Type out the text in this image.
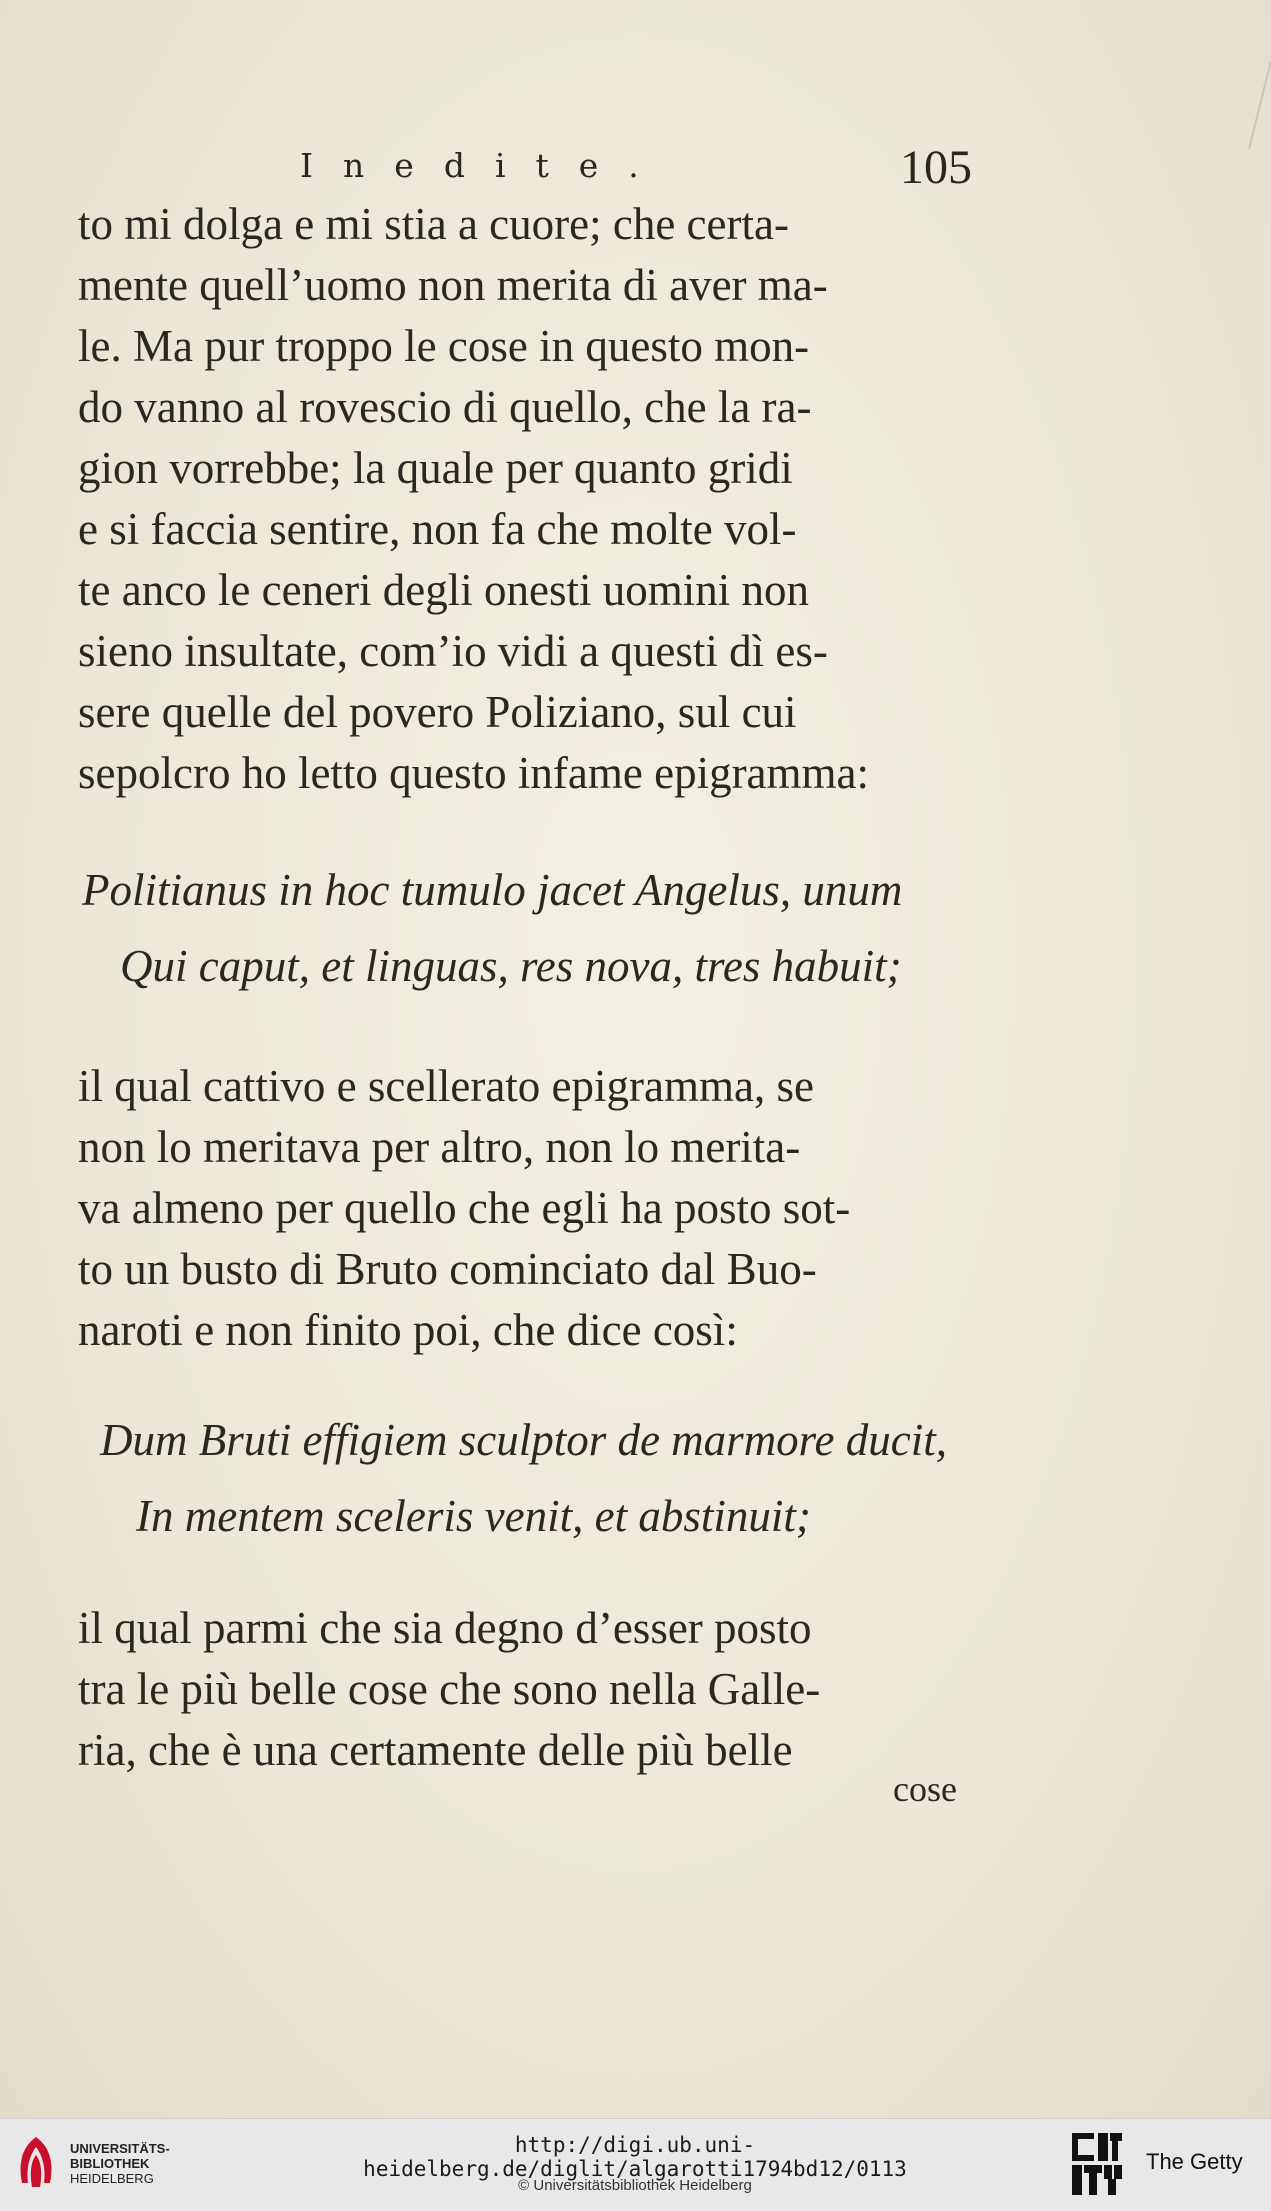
Inedite.	105
to mi dolga e mi stia a cuore; che certa-
mente quell’uomo non merita di aver ma-
le. Ma pur troppo le cose in questo mon-
do vanno al rovescio di quello, che la ra-
gion vorrebbe; la quale per quanto gridi
e si faccia sentire, non fa che molte vol-
te anco le ceneri degli onesti uomini non
sieno insultate, com’io vidi a questi dì es-
sere quelle del povero Poliziano, sul cui
sepolcro ho letto questo infame epigramma:
Politianus in hoc tumulo jacet Angelus, unum
Qui caput, et linguas, res nova, tres habuit;
il qual cattivo e scellerato epigramma, se
non lo meritava per altro, non lo merita-
va almeno per quello che egli ha posto sot-
to un busto di Bruto cominciato dal Buo-
naroti e non finito poi, che dice così:
Dum Bruti effigiem sculptor de marmore ducit,
In mentem sceleris venit, et abstinuit;
il qual parmi che sia degno d’esser posto
tra le più belle cose che sono nella Galle-
ria, che è una certamente delle più belle
cose
UNIVERSITÄTS-
BIBLIOTHEK
HEIDELBERG
http://digi.ub.uni-heidelberg.de/diglit/algarotti1794bd12/0113
© Universitätsbibliothek Heidelberg
The Getty
